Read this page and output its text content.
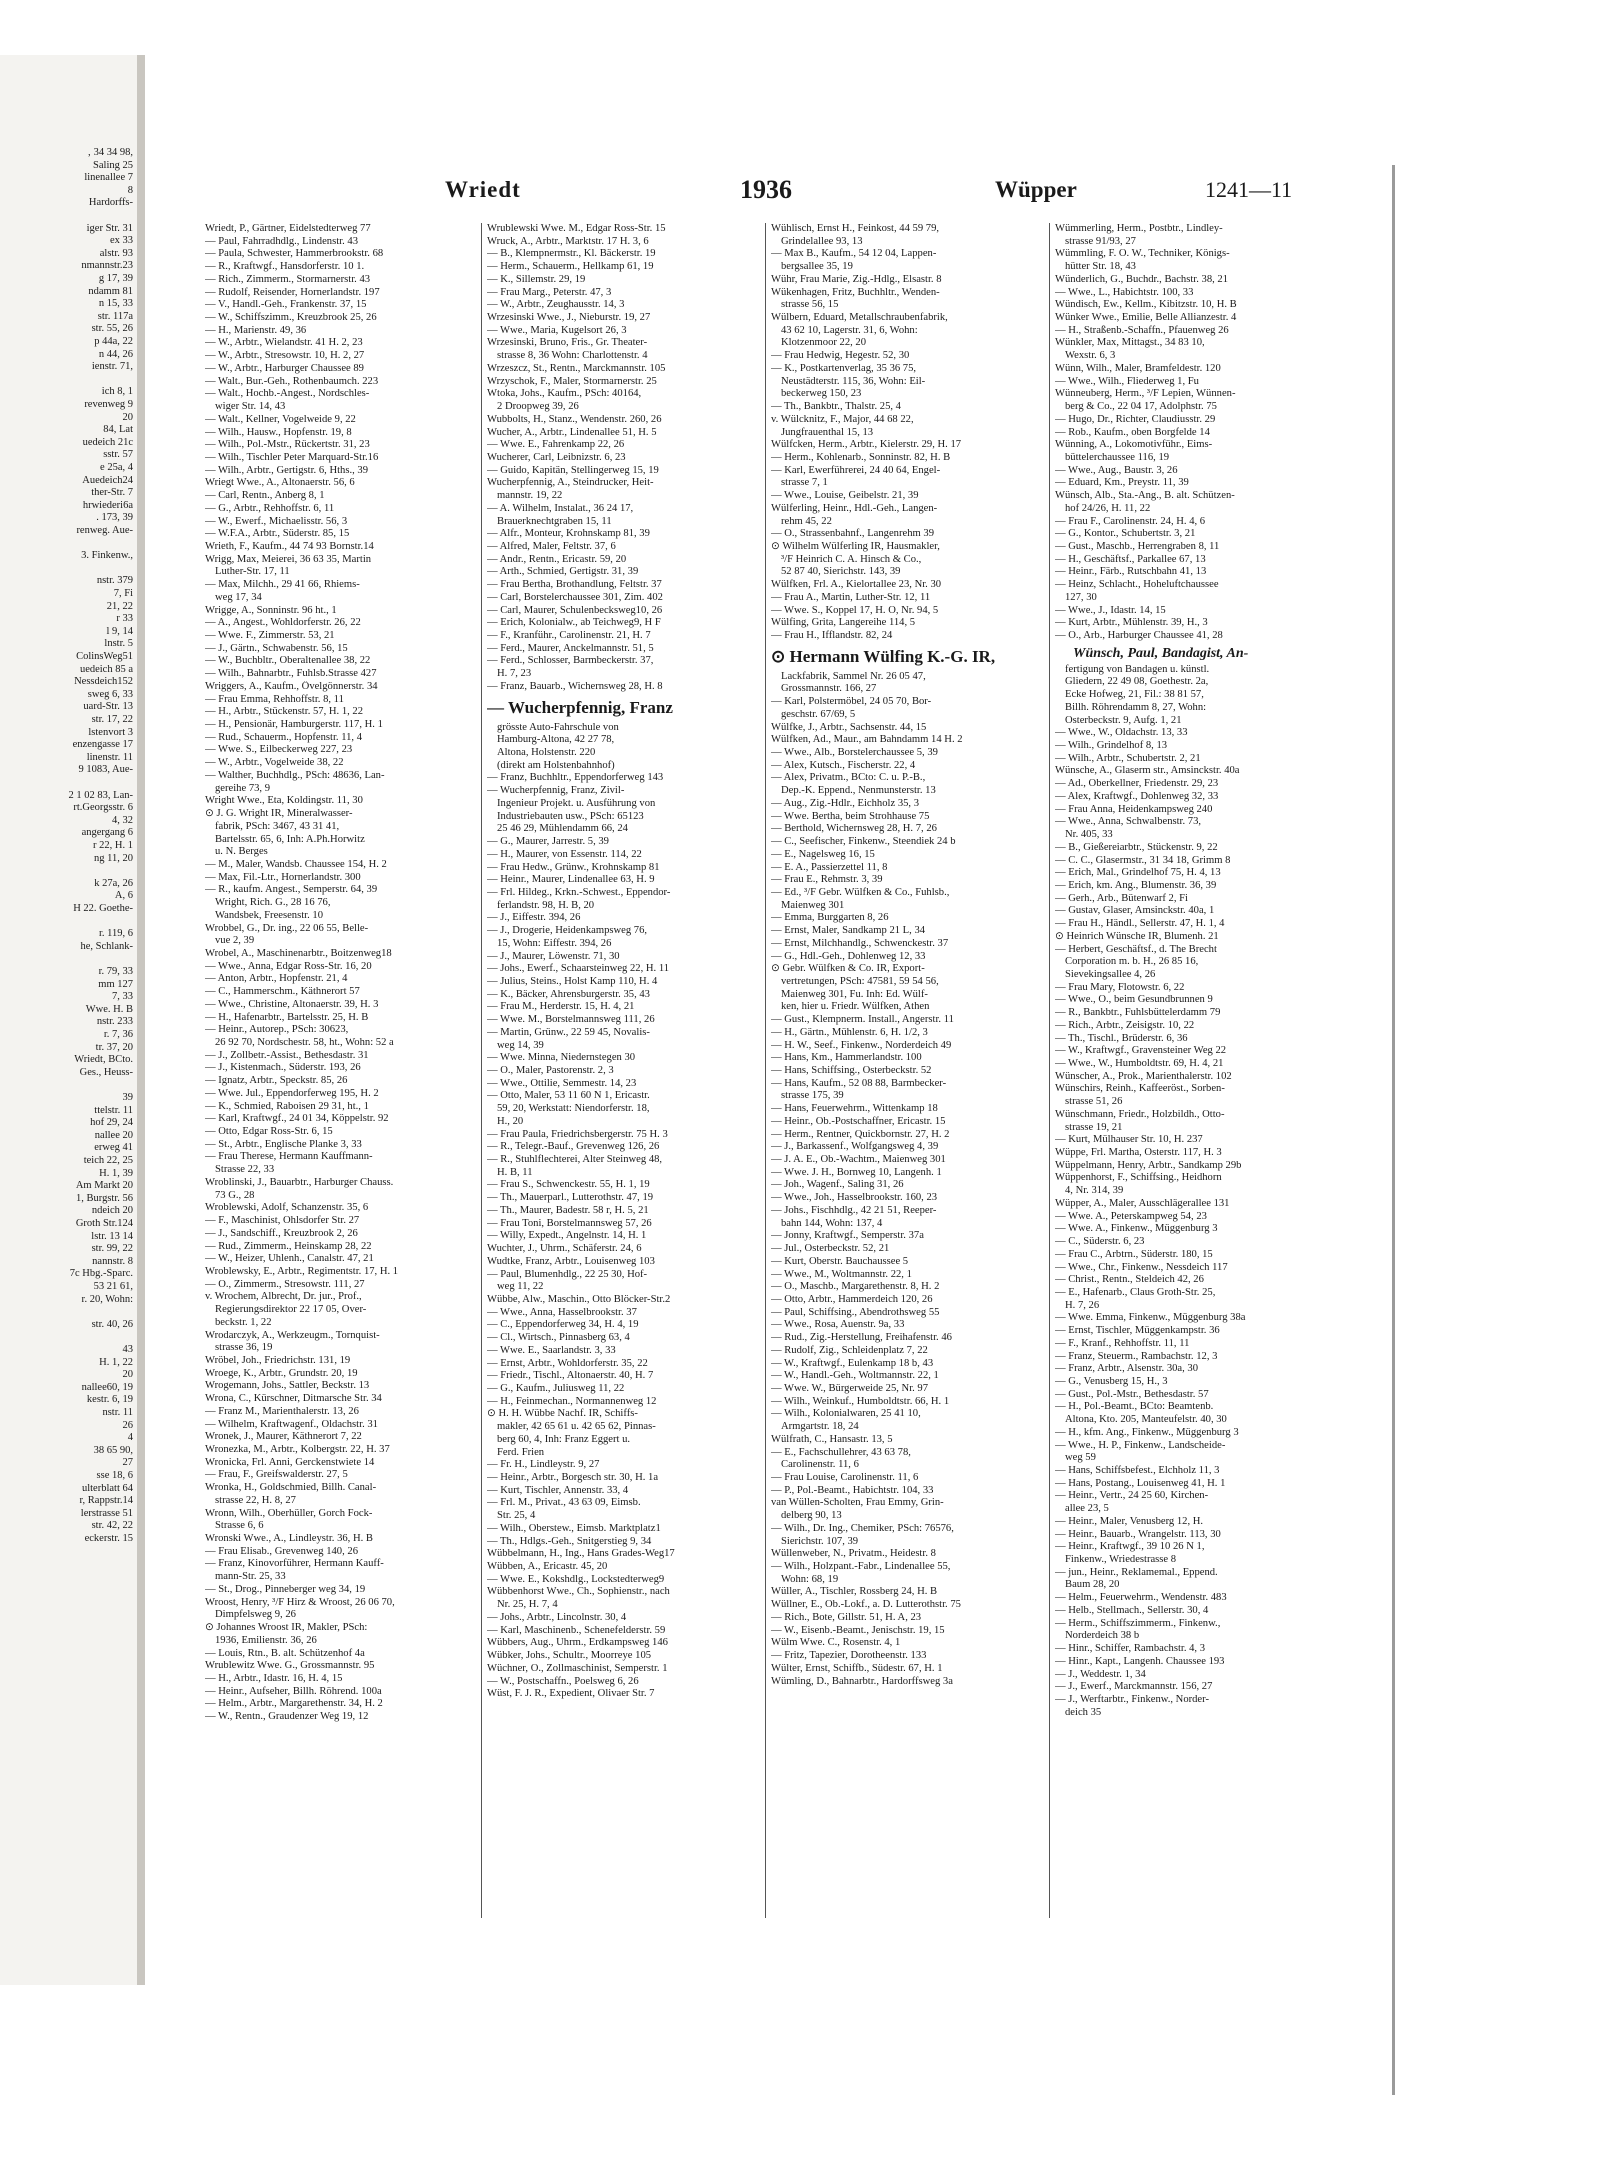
‚ 34 34 98,
Saling 25
linenallee 7
8
Hardorffs-
iger Str. 31
ex 33
alstr. 93
nmannstr.23
g 17, 39
ndamm 81
n 15, 33
str. 117a
str. 55, 26
p 44a, 22
n 44, 26
ienstr. 71,
ich 8, 1
revenweg 9
20
84, Lat
uedeich 21c
sstr. 57
e 25a, 4
Auedeich24
ther-Str. 7
hrwiederi6a
. 173, 39
renweg. Aue-
3. Finkenw.,
nstr. 379
7, Fi
21, 22
r 33
l 9, 14
lnstr. 5
ColinsWeg51
uedeich 85 a
Nessdeich152
sweg 6, 33
uard-Str. 13
str. 17, 22
lstenvort 3
enzengasse 17
linenstr. 11
9 1083, Aue-
2 1 02 83, Lan-
rt.Georgsstr. 6
4, 32
angergang 6
r 22, H. 1
ng 11, 20
k 27a, 26
A, 6
H 22. Goethe-
r. 119, 6
he, Schlank-
r. 79, 33
mm 127
7, 33
Wwe. H. B
nstr. 233
r. 7, 36
tr. 37, 20
Wriedt, BCto.
Ges., Heuss-
39
ttelstr. 11
hof 29, 24
nallee 20
erweg 41
teich 22, 25
H. 1, 39
Am Markt 20
1, Burgstr. 56
ndeich 20
Groth Str.124
lstr. 13 14
str. 99, 22
nannstr. 8
7c Hbg.-Sparc.
53 21 61,
r. 20, Wohn:
str. 40, 26
43
H. 1, 22
20
nallee60, 19
kestr. 6, 19
nstr. 11
26
4
38 65 90,
27
sse 18, 6
ulterblatt 64
r, Rappstr.14
lerstrasse 51
str. 42, 22
eckerstr. 15
Wriedt	1936	Wüpper	1241—11
Wriedt, P., Gärtner, Eidelstedterweg 77
— Paul, Fahrradhdlg., Lindenstr. 43
— Paula, Schwester, Hammerbrookstr. 68
— R., Kraftwgf., Hansdorferstr. 10 1.
— Rich., Zimmerm., Stormarnerstr. 43
— Rudolf, Reisender, Hornerlandstr. 197
— V., Handl.-Geh., Frankenstr. 37, 15
— W., Schiffszimm., Kreuzbrook 25, 26
— H., Marienstr. 49, 36
— W., Arbtr., Wielandstr. 41 H. 2, 23
— W., Arbtr., Stresowstr. 10, H. 2, 27
— W., Arbtr., Harburger Chaussee 89
— Walt., Bur.-Geh., Rothenbaumch. 223
— Walt., Hochb.-Angest., Nordschles-
wiger Str. 14, 43
— Walt., Kellner, Vogelweide 9, 22
— Wilh., Hausw., Hopfenstr. 19, 8
— Wilh., Pol.-Mstr., Rückertstr. 31, 23
— Wilh., Tischler Peter Marquard-Str.16
— Wilh., Arbtr., Gertigstr. 6, Hths., 39
Wriegt Wwe., A., Altonaerstr. 56, 6
— Carl, Rentn., Anberg 8, 1
— G., Arbtr., Rehhoffstr. 6, 11
— W., Ewerf., Michaelisstr. 56, 3
— W.F.A., Arbtr., Süderstr. 85, 15
Wrieth, F., Kaufm., 44 74 93 Bornstr.14
Wrigg, Max, Meierei, 36 63 35, Martin
Luther-Str. 17, 11
— Max, Milchh., 29 41 66, Rhiems-
weg 17, 34
Wrigge, A., Sonninstr. 96 ht., 1
— A., Angest., Wohldorferstr. 26, 22
— Wwe. F., Zimmerstr. 53, 21
— J., Gärtn., Schwabenstr. 56, 15
— W., Buchbltr., Oberaltenallee 38, 22
— Wilh., Bahnarbtr., Fuhlsb.Strasse 427
Wriggers, A., Kaufm., Övelgönnerstr. 34
— Frau Emma, Rehhoffstr. 8, 11
— H., Arbtr., Stückenstr. 57, H. 1, 22
— H., Pensionär, Hamburgerstr. 117, H. 1
— Rud., Schauerm., Hopfenstr. 11, 4
— Wwe. S., Eilbeckerweg 227, 23
— W., Arbtr., Vogelweide 38, 22
— Walther, Buchhdlg., PSch: 48636, Lan-
gereihe 73, 9
Wright Wwe., Eta, Koldingstr. 11, 30
⊙ J. G. Wright IR, Mineralwasser-
fabrik, PSch: 3467, 43 31 41,
Bartelsstr. 65, 6, Inh: A.Ph.Horwitz
u. N. Berges
— M., Maler, Wandsb. Chaussee 154, H. 2
— Max, Fil.-Ltr., Hornerlandstr. 300
— R., kaufm. Angest., Semperstr. 64, 39
Wright, Rich. G., 28 16 76,
Wandsbek, Freesenstr. 10
Wrobbel, G., Dr. ing., 22 06 55, Belle-
vue 2, 39
Wrobel, A., Maschinenarbtr., Boitzenweg18
— Wwe., Anna, Edgar Ross-Str. 16, 20
— Anton, Arbtr., Hopfenstr. 21, 4
— C., Hammerschm., Käthnerort 57
— Wwe., Christine, Altonaerstr. 39, H. 3
— H., Hafenarbtr., Bartelsstr. 25, H. B
— Heinr., Autorep., PSch: 30623,
26 92 70, Nordschestr. 58, ht., Wohn: 52 a
— J., Zollbetr.-Assist., Bethesdastr. 31
— J., Kistenmach., Süderstr. 193, 26
— Ignatz, Arbtr., Speckstr. 85, 26
— Wwe. Jul., Eppendorferweg 195, H. 2
— K., Schmied, Raboisen 29 31, ht., 1
— Karl, Kraftwgf., 24 01 34, Köppelstr. 92
— Otto, Edgar Ross-Str. 6, 15
— St., Arbtr., Englische Planke 3, 33
— Frau Therese, Hermann Kauffmann-
Strasse 22, 33
Wroblinski, J., Bauarbtr., Harburger Chauss.
73 G., 28
Wroblewski, Adolf, Schanzenstr. 35, 6
— F., Maschinist, Ohlsdorfer Str. 27
— J., Sandschiff., Kreuzbrook 2, 26
— Rud., Zimmerm., Heinskamp 28, 22
— W., Heizer, Uhlenh., Canalstr. 47, 21
Wroblewsky, E., Arbtr., Regimentstr. 17, H. 1
— O., Zimmerm., Stresowstr. 111, 27
v. Wrochem, Albrecht, Dr. jur., Prof.,
Regierungsdirektor 22 17 05, Over-
beckstr. 1, 22
Wrodarczyk, A., Werkzeugm., Tornquist-
strasse 36, 19
Wröbel, Joh., Friedrichstr. 131, 19
Wroege, K., Arbtr., Grundstr. 20, 19
Wrogemann, Johs., Sattler, Beckstr. 13
Wrona, C., Kürschner, Ditmarsche Str. 34
— Franz M., Marienthalerstr. 13, 26
— Wilhelm, Kraftwagenf., Oldachstr. 31
Wronek, J., Maurer, Käthnerort 7, 22
Wronezka, M., Arbtr., Kolbergstr. 22, H. 37
Wronicka, Frl. Anni, Gerckenstwiete 14
— Frau, F., Greifswalderstr. 27, 5
Wronka, H., Goldschmied, Billh. Canal-
strasse 22, H. 8, 27
Wronn, Wilh., Oberhüller, Gorch Fock-
Strasse 6, 6
Wronski Wwe., A., Lindleystr. 36, H. B
— Frau Elisab., Grevenweg 140, 26
— Franz, Kinovorführer, Hermann Kauff-
mann-Str. 25, 33
— St., Drog., Pinneberger weg 34, 19
Wroost, Henry, ³/F Hirz & Wroost, 26 06 70,
Dimpfelsweg 9, 26
⊙ Johannes Wroost IR, Makler, PSch:
1936, Emilienstr. 36, 26
— Louis, Rtn., B. alt. Schützenhof 4a
Wrublewitz Wwe. G., Grossmannstr. 95
— H., Arbtr., Idastr. 16, H. 4, 15
— Heinr., Aufseher, Billh. Röhrend. 100a
— Helm., Arbtr., Margarethenstr. 34, H. 2
— W., Rentn., Graudenzer Weg 19, 12
Wrublewski Wwe. M., Edgar Ross-Str. 15
Wruck, A., Arbtr., Marktstr. 17 H. 3, 6
— B., Klempnermstr., Kl. Bäckerstr. 19
— Herm., Schauerm., Hellkamp 61, 19
— K., Sillemstr. 29, 19
— Frau Marg., Peterstr. 47, 3
— W., Arbtr., Zeughausstr. 14, 3
Wrzesinski Wwe., J., Nieburstr. 19, 27
— Wwe., Maria, Kugelsort 26, 3
Wrzesinski, Bruno, Fris., Gr. Theater-
strasse 8, 36 Wohn: Charlottenstr. 4
Wrzeszcz, St., Rentn., Marckmannstr. 105
Wrzyschok, F., Maler, Stormarnerstr. 25
Wtoka, Johs., Kaufm., PSch: 40164,
2 Droopweg 39, 26
Wubbolts, H., Stanz., Wendenstr. 260, 26
Wucher, A., Arbtr., Lindenallee 51, H. 5
— Wwe. E., Fahrenkamp 22, 26
Wucherer, Carl, Leibnizstr. 6, 23
— Guido, Kapitän, Stellingerweg 15, 19
Wucherpfennig, A., Steindrucker, Heit-
mannstr. 19, 22
— A. Wilhelm, Instalat., 36 24 17,
Brauerknechtgraben 15, 11
— Alfr., Monteur, Krohnskamp 81, 39
— Alfred, Maler, Feltstr. 37, 6
— Andr., Rentn., Ericastr. 59, 20
— Arth., Schmied, Gertigstr. 31, 39
— Frau Bertha, Brothandlung, Feltstr. 37
— Carl, Borstelerchaussee 301, Zim. 402
— Carl, Maurer, Schulenbecksweg10, 26
— Erich, Kolonialw., ab Teichweg9, H F
— F., Kranführ., Carolinenstr. 21, H. 7
— Ferd., Maurer, Anckelmannstr. 51, 5
— Ferd., Schlosser, Barmbeckerstr. 37,
H. 7, 23
— Franz, Bauarb., Wichernsweg 28, H. 8
— Wucherpfennig, Franz
grösste Auto-Fahrschule von
Hamburg-Altona, 42 27 78,
Altona, Holstenstr. 220
(direkt am Holstenbahnhof)
— Franz, Buchhltr., Eppendorferweg 143
— Wucherpfennig, Franz, Zivil-
Ingenieur Projekt. u. Ausführung von
Industriebauten usw., PSch: 65123
25 46 29, Mühlendamm 66, 24
— G., Maurer, Jarrestr. 5, 39
— H., Maurer, von Essenstr. 114, 22
— Frau Hedw., Grünw., Krohnskamp 81
— Heinr., Maurer, Lindenallee 63, H. 9
— Frl. Hildeg., Krkn.-Schwest., Eppendor-
ferlandstr. 98, H. B, 20
— J., Eiffestr. 394, 26
— J., Drogerie, Heidenkampsweg 76,
15, Wohn: Eiffestr. 394, 26
— J., Maurer, Löwenstr. 71, 30
— Johs., Ewerf., Schaarsteinweg 22, H. 11
— Julius, Steins., Holst Kamp 110, H. 4
— K., Bäcker, Ahrensburgerstr. 35, 43
— Frau M., Herderstr. 15, H. 4, 21
— Wwe. M., Borstelmannsweg 111, 26
— Martin, Grünw., 22 59 45, Novalis-
weg 14, 39
— Wwe. Minna, Niedernstegen 30
— O., Maler, Pastorenstr. 2, 3
— Wwe., Ottilie, Semmestr. 14, 23
— Otto, Maler, 53 11 60 N 1, Ericastr.
59, 20, Werkstatt: Niendorferstr. 18,
H., 20
— Frau Paula, Friedrichsbergerstr. 75 H. 3
— R., Telegr.-Bauf., Grevenweg 126, 26
— R., Stuhlflechterei, Alter Steinweg 48,
H. B, 11
— Frau S., Schwenckestr. 55, H. 1, 19
— Th., Mauerparl., Lutterothstr. 47, 19
— Th., Maurer, Badestr. 58 r, H. 5, 21
— Frau Toni, Borstelmannsweg 57, 26
— Willy, Expedt., Angelnstr. 14, H. 1
Wuchter, J., Uhrm., Schäferstr. 24, 6
Wudtke, Franz, Arbtr., Louisenweg 103
— Paul, Blumenhdlg., 22 25 30, Hof-
weg 11, 22
Wübbe, Alw., Maschin., Otto Blöcker-Str.2
— Wwe., Anna, Hasselbrookstr. 37
— C., Eppendorferweg 34, H. 4, 19
— Cl., Wirtsch., Pinnasberg 63, 4
— Wwe. E., Saarlandstr. 3, 33
— Ernst, Arbtr., Wohldorferstr. 35, 22
— Friedr., Tischl., Altonaerstr. 40, H. 7
— G., Kaufm., Juliusweg 11, 22
— H., Feinmechan., Normannenweg 12
⊙ H. H. Wübbe Nachf. IR, Schiffs-
makler, 42 65 61 u. 42 65 62, Pinnas-
berg 60, 4, Inh: Franz Eggert u.
Ferd. Frien
— Fr. H., Lindleystr. 9, 27
— Heinr., Arbtr., Borgesch str. 30, H. 1a
— Kurt, Tischler, Annenstr. 33, 4
— Frl. M., Privat., 43 63 09, Eimsb.
Str. 25, 4
— Wilh., Oberstew., Eimsb. Marktplatz1
— Th., Hdlgs.-Geh., Snitgerstieg 9, 34
Wübbelmann, H., Ing., Hans Grades-Weg17
Wübben, A., Ericastr. 45, 20
— Wwe. E., Kokshdlg., Lockstedterweg9
Wübbenhorst Wwe., Ch., Sophienstr., nach
Nr. 25, H. 7, 4
— Johs., Arbtr., Lincolnstr. 30, 4
— Karl, Maschinenb., Schenefelderstr. 59
Wübbers, Aug., Uhrm., Erdkampsweg 146
Wübker, Johs., Schultr., Moorreye 105
Wüchner, O., Zollmaschinist, Semperstr. 1
— W., Postschaffn., Poelsweg 6, 26
Wüst, F. J. R., Expedient, Olivaer Str. 7
Wühlisch, Ernst H., Feinkost, 44 59 79,
Grindelallee 93, 13
— Max B., Kaufm., 54 12 04, Lappen-
bergsallee 35, 19
Wühr, Frau Marie, Zig.-Hdlg., Elsastr. 8
Wükenhagen, Fritz, Buchhltr., Wenden-
strasse 56, 15
Wülbern, Eduard, Metallschraubenfabrik,
43 62 10, Lagerstr. 31, 6, Wohn:
Klotzenmoor 22, 20
— Frau Hedwig, Hegestr. 52, 30
— K., Postkartenverlag, 35 36 75,
Neustädterstr. 115, 36, Wohn: Eil-
beckerweg 150, 23
— Th., Bankbtr., Thalstr. 25, 4
v. Wülcknitz, F., Major, 44 68 22,
Jungfrauenthal 15, 13
Wülfcken, Herm., Arbtr., Kielerstr. 29, H. 17
— Herm., Kohlenarb., Sonninstr. 82, H. B
— Karl, Ewerführerei, 24 40 64, Engel-
strasse 7, 1
— Wwe., Louise, Geibelstr. 21, 39
Wülferling, Heinr., Hdl.-Geh., Langen-
rehm 45, 22
— O., Strassenbahnf., Langenrehm 39
⊙ Wilhelm Wülferling IR, Hausmakler,
³/F Heinrich C. A. Hinsch & Co.,
52 87 40, Sierichstr. 143, 39
Wülfken, Frl. A., Kielortallee 23, Nr. 30
— Frau A., Martin, Luther-Str. 12, 11
— Wwe. S., Koppel 17, H. O, Nr. 94, 5
Wülfing, Grita, Langereihe 114, 5
— Frau H., Ifflandstr. 82, 24
⊙ Hermann Wülfing K.-G. IR,
Lackfabrik, Sammel Nr. 26 05 47,
Grossmannstr. 166, 27
— Karl, Polstermöbel, 24 05 70, Bor-
geschstr. 67/69, 5
Wülfke, J., Arbtr., Sachsenstr. 44, 15
Wülfken, Ad., Maur., am Bahndamm 14 H. 2
— Wwe., Alb., Borstelerchaussee 5, 39
— Alex, Kutsch., Fischerstr. 22, 4
— Alex, Privatm., BCto: C. u. P.-B.,
Dep.-K. Eppend., Nenmunsterstr. 13
— Aug., Zig.-Hdlr., Eichholz 35, 3
— Wwe. Bertha, beim Strohhause 75
— Berthold, Wichernsweg 28, H. 7, 26
— C., Seefischer, Finkenw., Steendiek 24 b
— E., Nagelsweg 16, 15
— E. A., Passierzettel 11, 8
— Frau E., Rehmstr. 3, 39
— Ed., ³/F Gebr. Wülfken & Co., Fuhlsb.,
Maienweg 301
— Emma, Burggarten 8, 26
— Ernst, Maler, Sandkamp 21 L, 34
— Ernst, Milchhandlg., Schwenckestr. 37
— G., Hdl.-Geh., Dohlenweg 12, 33
⊙ Gebr. Wülfken & Co. IR, Export-
vertretungen, PSch: 47581, 59 54 56,
Maienweg 301, Fu. Inh: Ed. Wülf-
ken, hier u. Friedr. Wülfken, Athen
— Gust., Klempnerm. Install., Angerstr. 11
— H., Gärtn., Mühlenstr. 6, H. 1/2, 3
— H. W., Seef., Finkenw., Norderdeich 49
— Hans, Km., Hammerlandstr. 100
— Hans, Schiffsing., Osterbeckstr. 52
— Hans, Kaufm., 52 08 88, Barmbecker-
strasse 175, 39
— Hans, Feuerwehrm., Wittenkamp 18
— Heinr., Ob.-Postschaffner, Ericastr. 15
— Herm., Rentner, Quickbornstr. 27, H. 2
— J., Barkassenf., Wolfgangsweg 4, 39
— J. A. E., Ob.-Wachtm., Maienweg 301
— Wwe. J. H., Bornweg 10, Langenh. 1
— Joh., Wagenf., Saling 31, 26
— Wwe., Joh., Hasselbrookstr. 160, 23
— Johs., Fischhdlg., 42 21 51, Reeper-
bahn 144, Wohn: 137, 4
— Jonny, Kraftwgf., Semperstr. 37a
— Jul., Osterbeckstr. 52, 21
— Kurt, Oberstr. Bauchaussee 5
— Wwe., M., Woltmannstr. 22, 1
— O., Maschb., Margarethenstr. 8, H. 2
— Otto, Arbtr., Hammerdeich 120, 26
— Paul, Schiffsing., Abendrothsweg 55
— Wwe., Rosa, Auenstr. 9a, 33
— Rud., Zig.-Herstellung, Freihafenstr. 46
— Rudolf, Zig., Schleidenplatz 7, 22
— W., Kraftwgf., Eulenkamp 18 b, 43
— W., Handl.-Geh., Woltmannstr. 22, 1
— Wwe. W., Bürgerweide 25, Nr. 97
— Wilh., Weinkuf., Humboldtstr. 66, H. 1
— Wilh., Kolonialwaren, 25 41 10,
Armgartstr. 18, 24
Wülfrath, C., Hansastr. 13, 5
— E., Fachschullehrer, 43 63 78,
Carolinenstr. 11, 6
— Frau Louise, Carolinenstr. 11, 6
— P., Pol.-Beamt., Habichtstr. 104, 33
van Wüllen-Scholten, Frau Emmy, Grin-
delberg 90, 13
— Wilh., Dr. Ing., Chemiker, PSch: 76576,
Sierichstr. 107, 39
Wüllenweber, N., Privatm., Heidestr. 8
— Wilh., Holzpant.-Fabr., Lindenallee 55,
Wohn: 68, 19
Wüller, A., Tischler, Rossberg 24, H. B
Wüllner, E., Ob.-Lokf., a. D. Lutterothstr. 75
— Rich., Bote, Gillstr. 51, H. A, 23
— W., Eisenb.-Beamt., Jenischstr. 19, 15
Wülm Wwe. C., Rosenstr. 4, 1
— Fritz, Tapezier, Dorotheenstr. 133
Wülter, Ernst, Schiffb., Südestr. 67, H. 1
Wümling, D., Bahnarbtr., Hardorffsweg 3a
Wümmerling, Herm., Postbtr., Lindley-
strasse 91/93, 27
Wümmling, F. O. W., Techniker, Königs-
hütter Str. 18, 43
Wünderlich, G., Buchdr., Bachstr. 38, 21
— Wwe., L., Habichtstr. 100, 33
Wündisch, Ew., Kellm., Kibitzstr. 10, H. B
Wünker Wwe., Emilie, Belle Allianzestr. 4
— H., Straßenb.-Schaffn., Pfauenweg 26
Wünkler, Max, Mittagst., 34 83 10,
Wexstr. 6, 3
Wünn, Wilh., Maler, Bramfeldestr. 120
— Wwe., Wilh., Fliederweg 1, Fu
Wünneuberg, Herm., ³/F Lepien, Wünnen-
berg & Co., 22 04 17, Adolphstr. 75
— Hugo, Dr., Richter, Claudiusstr. 29
— Rob., Kaufm., oben Borgfelde 14
Wünning, A., Lokomotivführ., Eims-
büttelerchaussee 116, 19
— Wwe., Aug., Baustr. 3, 26
— Eduard, Km., Preystr. 11, 39
Wünsch, Alb., Sta.-Ang., B. alt. Schützen-
hof 24/26, H. 11, 22
— Frau F., Carolinenstr. 24, H. 4, 6
— G., Kontor., Schubertstr. 3, 21
— Gust., Maschb., Herrengraben 8, 11
— H., Geschäftsf., Parkallee 67, 13
— Heinr., Färb., Rutschbahn 41, 13
— Heinz, Schlacht., Hoheluftchaussee
127, 30
— Wwe., J., Idastr. 14, 15
— Kurt, Arbtr., Mühlenstr. 39, H., 3
— O., Arb., Harburger Chaussee 41, 28
Wünsch, Paul, Bandagist, An-
fertigung von Bandagen u. künstl.
Gliedern, 22 49 08, Goethestr. 2a,
Ecke Hofweg, 21, Fil.: 38 81 57,
Billh. Röhrendamm 8, 27, Wohn:
Osterbeckstr. 9, Aufg. 1, 21
— Wwe., W., Oldachstr. 13, 33
— Wilh., Grindelhof 8, 13
— Wilh., Arbtr., Schubertstr. 2, 21
Wünsche, A., Glaserm str., Amsinckstr. 40a
— Ad., Oberkellner, Friedenstr. 29, 23
— Alex, Kraftwgf., Dohlenweg 32, 33
— Frau Anna, Heidenkampsweg 240
— Wwe., Anna, Schwalbenstr. 73,
Nr. 405, 33
— B., Gießereiarbtr., Stückenstr. 9, 22
— C. C., Glasermstr., 31 34 18, Grimm 8
— Erich, Mal., Grindelhof 75, H. 4, 13
— Erich, km. Ang., Blumenstr. 36, 39
— Gerh., Arb., Bütenwarf 2, Fi
— Gustav, Glaser, Amsinckstr. 40a, 1
— Frau H., Händl., Sellerstr. 47, H. 1, 4
⊙ Heinrich Wünsche IR, Blumenh. 21
— Herbert, Geschäftsf., d. The Brecht
Corporation m. b. H., 26 85 16,
Sievekingsallee 4, 26
— Frau Mary, Flotowstr. 6, 22
— Wwe., O., beim Gesundbrunnen 9
— R., Bankbtr., Fuhlsbüttelerdamm 79
— Rich., Arbtr., Zeisigstr. 10, 22
— Th., Tischl., Brüderstr. 6, 36
— W., Kraftwgf., Gravensteiner Weg 22
— Wwe., W., Humboldtstr. 69, H. 4, 21
Wünscher, A., Prok., Marienthalerstr. 102
Wünschirs, Reinh., Kaffeeröst., Sorben-
strasse 51, 26
Wünschmann, Friedr., Holzbildh., Otto-
strasse 19, 21
— Kurt, Mülhauser Str. 10, H. 237
Wüppe, Frl. Martha, Osterstr. 117, H. 3
Wüppelmann, Henry, Arbtr., Sandkamp 29b
Wüppenhorst, F., Schiffsing., Heidhorn
4, Nr. 314, 39
Wüpper, A., Maler, Ausschlägerallee 131
— Wwe. A., Peterskampweg 54, 23
— Wwe. A., Finkenw., Müggenburg 3
— C., Süderstr. 6, 23
— Frau C., Arbtrn., Süderstr. 180, 15
— Wwe., Chr., Finkenw., Nessdeich 117
— Christ., Rentn., Steldeich 42, 26
— E., Hafenarb., Claus Groth-Str. 25,
H. 7, 26
— Wwe. Emma, Finkenw., Müggenburg 38a
— Ernst, Tischler, Müggenkampstr. 36
— F., Kranf., Rehhoffstr. 11, 11
— Franz, Steuerm., Rambachstr. 12, 3
— Franz, Arbtr., Alsenstr. 30a, 30
— G., Venusberg 15, H., 3
— Gust., Pol.-Mstr., Bethesdastr. 57
— H., Pol.-Beamt., BCto: Beamtenb.
Altona, Kto. 205, Manteufelstr. 40, 30
— H., kfm. Ang., Finkenw., Müggenburg 3
— Wwe., H. P., Finkenw., Landscheide-
weg 59
— Hans, Schiffsbefest., Elchholz 11, 3
— Hans, Postang., Louisenweg 41, H. 1
— Heinr., Vertr., 24 25 60, Kirchen-
allee 23, 5
— Heinr., Maler, Venusberg 12, H.
— Heinr., Bauarb., Wrangelstr. 113, 30
— Heinr., Kraftwgf., 39 10 26 N 1,
Finkenw., Wriedestrasse 8
— jun., Heinr., Reklamemal., Eppend.
Baum 28, 20
— Helm., Feuerwehrm., Wendenstr. 483
— Helb., Stellmach., Sellerstr. 30, 4
— Herm., Schiffszimmerm., Finkenw.,
Norderdeich 38 b
— Hinr., Schiffer, Rambachstr. 4, 3
— Hinr., Kapt., Langenh. Chaussee 193
— J., Weddestr. 1, 34
— J., Ewerf., Marckmannstr. 156, 27
— J., Werftarbtr., Finkenw., Norder-
deich 35
